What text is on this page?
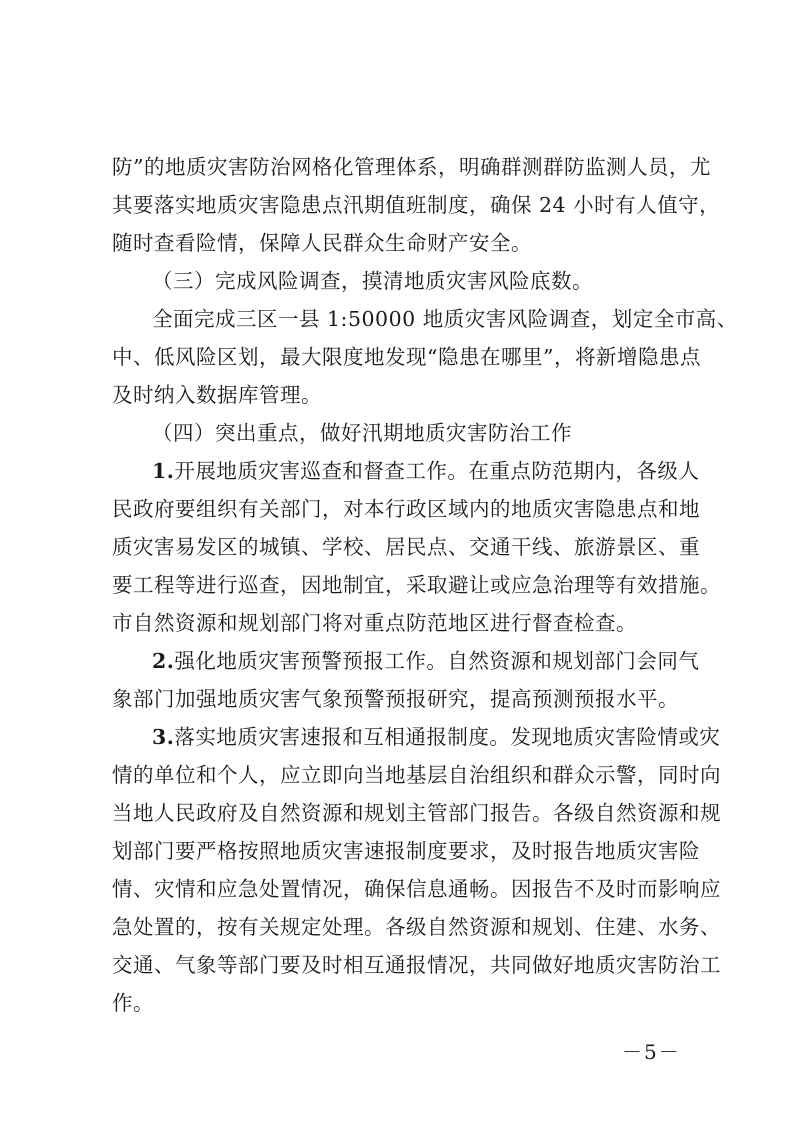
防”的地质灾害防治网格化管理体系，明确群测群防监测人员，尤
其要落实地质灾害隐患点汛期值班制度，确保 24 小时有人值守，
随时查看险情，保障人民群众生命财产安全。
（三）完成风险调查，摸清地质灾害风险底数。
全面完成三区一县 1:50000 地质灾害风险调查，划定全市高、
中、低风险区划，最大限度地发现“隐患在哪里”，将新增隐患点
及时纳入数据库管理。
（四）突出重点，做好汛期地质灾害防治工作
1.开展地质灾害巡查和督查工作。在重点防范期内，各级人
民政府要组织有关部门，对本行政区域内的地质灾害隐患点和地
质灾害易发区的城镇、学校、居民点、交通干线、旅游景区、重
要工程等进行巡查，因地制宜，采取避让或应急治理等有效措施。
市自然资源和规划部门将对重点防范地区进行督查检查。
2.强化地质灾害预警预报工作。自然资源和规划部门会同气
象部门加强地质灾害气象预警预报研究，提高预测预报水平。
3.落实地质灾害速报和互相通报制度。发现地质灾害险情或灾
情的单位和个人，应立即向当地基层自治组织和群众示警，同时向
当地人民政府及自然资源和规划主管部门报告。各级自然资源和规
划部门要严格按照地质灾害速报制度要求，及时报告地质灾害险
情、灾情和应急处置情况，确保信息通畅。因报告不及时而影响应
急处置的，按有关规定处理。各级自然资源和规划、住建、水务、
交通、气象等部门要及时相互通报情况，共同做好地质灾害防治工
作。
－5－
